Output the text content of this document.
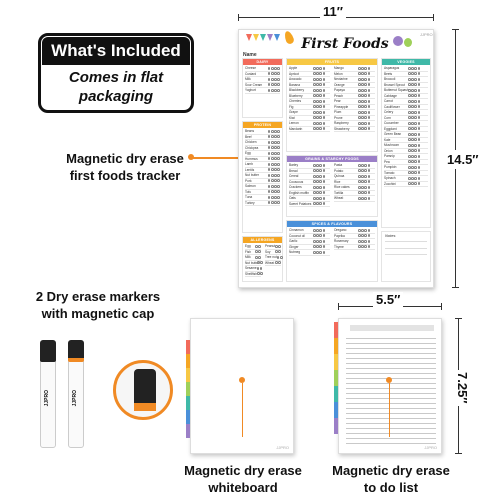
What's Included
Comes in flat
packaging
Magnetic dry erase
first foods tracker
11″
14.5″
First Foods
JJPRO
Name
DAIRY
Cheese
Custard
Milk
Sour Cream
Yoghurt
PROTEIN
Beans
Beef
Chicken
Chickpea
Egg
Hummus
Lamb
Lentils
Nut butter
Pork
Salmon
Tofu
Tuna
Turkey
ALLERGENS
Egg
Fish
Milk
Nut butter
Sesame
Shellfish
Peanut
Soy
Tree nut
Wheat
FRUITS
Apple
Apricot
Avocado
Banana
Blackberry
Blueberry
Cherries
Fig
Grape
Kiwi
Lemon
Mandarin
Mango
Melon
Nectarine
Orange
Papaya
Peach
Pear
Pineapple
Plum
Prune
Raspberry
Strawberry
GRAINS & STARCHY FOODS
Barley
Bread
Cereal
Couscous
Crackers
English muffin
Oats
Sweet Potatoes
Pasta
Potato
Quinoa
Rice
Rice cakes
Tortilla
Wheat
SPICES & FLAVOURS
Cinnamon
Coconut oil
Garlic
Ginger
Nutmeg
Oregano
Paprika
Rosemary
Thyme
VEGGIES
Asparagus
Beets
Broccoli
Brussel Sprout
Butternut Squash
Cabbage
Carrot
Cauliflower
Celery
Corn
Cucumber
Eggplant
Green Bean
Kale
Mushroom
Onion
Parsnip
Pea
Pumpkin
Tomato
Spinach
Zucchini
Notes
2 Dry erase markers
with magnetic cap
JJPRO	JJPRO
5.5″
7.25″
JJPRO
Magnetic dry erase
whiteboard
JJPRO
Magnetic dry erase
to do list
